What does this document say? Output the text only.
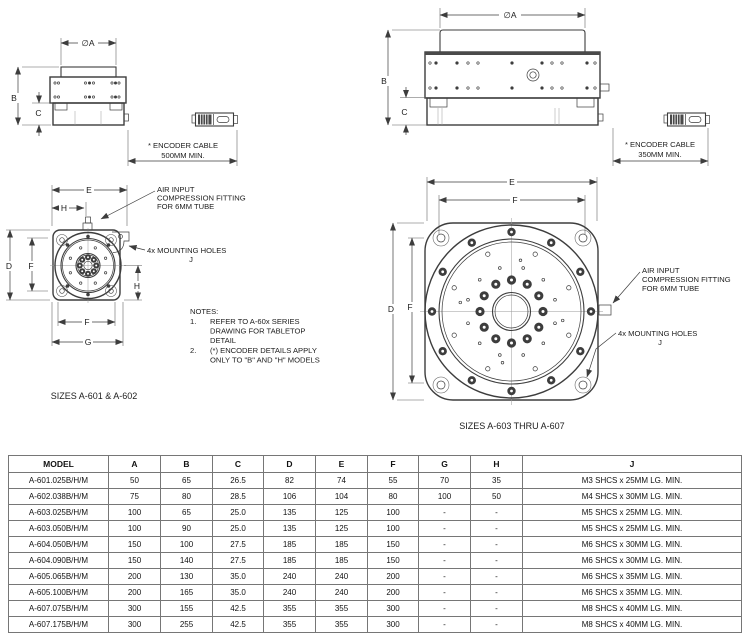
∅A
B
C
* ENCODER CABLE
500MM MIN.
∅A
B
C
* ENCODER CABLE
350MM MIN.
E
H
D F
H
F
G
AIR INPUT
COMPRESSION FITTING
FOR 6MM TUBE
4x MOUNTING HOLES
J
SIZES A-601 & A-602
NOTES:
1. REFER TO A-60x SERIES
DRAWING FOR TABLETOP
DETAIL
2. (*) ENCODER DETAILS APPLY
ONLY TO "B" AND "H" MODELS
E
F
D F
AIR INPUT
COMPRESSION FITTING
FOR 6MM TUBE
4x MOUNTING HOLES
J
SIZES A-603 THRU A-607
MODEL	A	B	C	D	E	F	G	H	J
A-601.025B/H/M	50	65	26.5	82	74	55	70	35	M3 SHCS x 25MM LG. MIN.
A-602.038B/H/M	75	80	28.5	106	104	80	100	50	M4 SHCS x 30MM LG. MIN.
A-603.025B/H/M	100	65	25.0	135	125	100	-	-	M5 SHCS x 25MM LG. MIN.
A-603.050B/H/M	100	90	25.0	135	125	100	-	-	M5 SHCS x 25MM LG. MIN.
A-604.050B/H/M	150	100	27.5	185	185	150	-	-	M6 SHCS x 30MM LG. MIN.
A-604.090B/H/M	150	140	27.5	185	185	150	-	-	M6 SHCS x 30MM LG. MIN.
A-605.065B/H/M	200	130	35.0	240	240	200	-	-	M6 SHCS x 35MM LG. MIN.
A-605.100B/H/M	200	165	35.0	240	240	200	-	-	M6 SHCS x 35MM LG. MIN.
A-607.075B/H/M	300	155	42.5	355	355	300	-	-	M8 SHCS x 40MM LG. MIN.
A-607.175B/H/M	300	255	42.5	355	355	300	-	-	M8 SHCS x 40MM LG. MIN.
